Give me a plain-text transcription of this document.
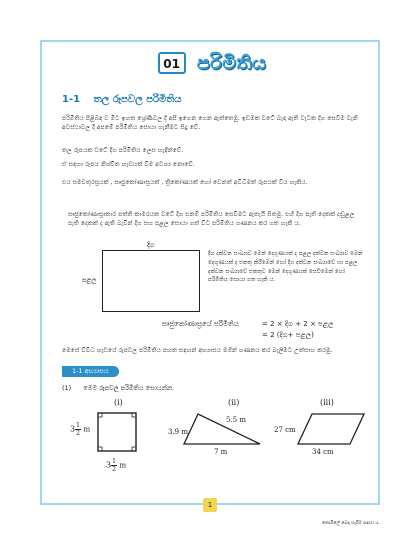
01 පරිමිතිය
1-1 තල රූපවල පරිමිතිය

පරිමිතිය පිළිබඳ ව මීට ඉහත ශ්‍රේණිවල දී අපි ඉගෙන ගෙන ඇත්තෙමු. ඉඩමක වටේ බැඳ ඇති වැටක දිග සෙවීම වැනි අවස්ථාවල දී අපමේ පරිමිතිය සොයා ගැනීමට සිදු වේ.

තල රූපයක වටේ දිග පරිමිතිය ලෙස හැඳින්වේ.

ඒ සඳහා රූපය නිශ්චිත හැඩයක් විම අවශ්‍ය නොවේ.

එය සමචතුරස්‍රයක් , සෘජුකෝණාස්‍රයක් , ත්‍රිකෝණයක් හෝ වෙනත් අවිධිමත් රූපයක් විය හැකිය.

සෘජුකෝණාස්‍රාකාර පත්ති කාමරයක වටේ දිග එනම් පරිමිතිය සෙවීමට ඇතැයි සිතමු. එහි දිග පැති දෙකක් දඬුළල පැති දෙකක් ද ඇති බැවින් දිග සහ පළල සොයා ගත් විට පරිමිතිය ගණනය කර ගත හැකි ය.

දිග
පළල

දිග දක්වන සංඛ්‍යාව මෙන් දෙගුණයක් ද පළල දක්වන සංඛ්‍යාව මෙන් දෙගුණයක් ද එකතු කිරීමෙන් හෝ දිග දක්වන සංඛ්‍යාවේ හා පළල දක්වන සංඛ්‍යාවේ එකතුව මෙන් දෙගුණයක් සෙවීමෙන් හෝ පරිමිතිය සොයා ගත හැකි ය.

සෘජුකෝණාස්‍රයේ පරිමිතිය	= 2 × දිග + 2 × පළල
= 2 (දිග+ පළල)

මෙසේ විවිධ හැඩයේ රූපවල පරිමිතිය පහත සඳහන් අභ්‍යාසය මගින් ගණනය කර බැලීමට උත්සාහ කරමු.

1-1 අභ්‍යාසය
(1) මෙම රූපවල පරිමිතිය සොයන්න.
(i)	(ii)	(iii)
$3 \frac{1}{2}$ m
$3 \frac{1}{2}$ m
3.9 m
5.5 m
7 m
27 cm
34 cm
1
නොමිලේ බෙදා හැරීම සඳහා ය.
